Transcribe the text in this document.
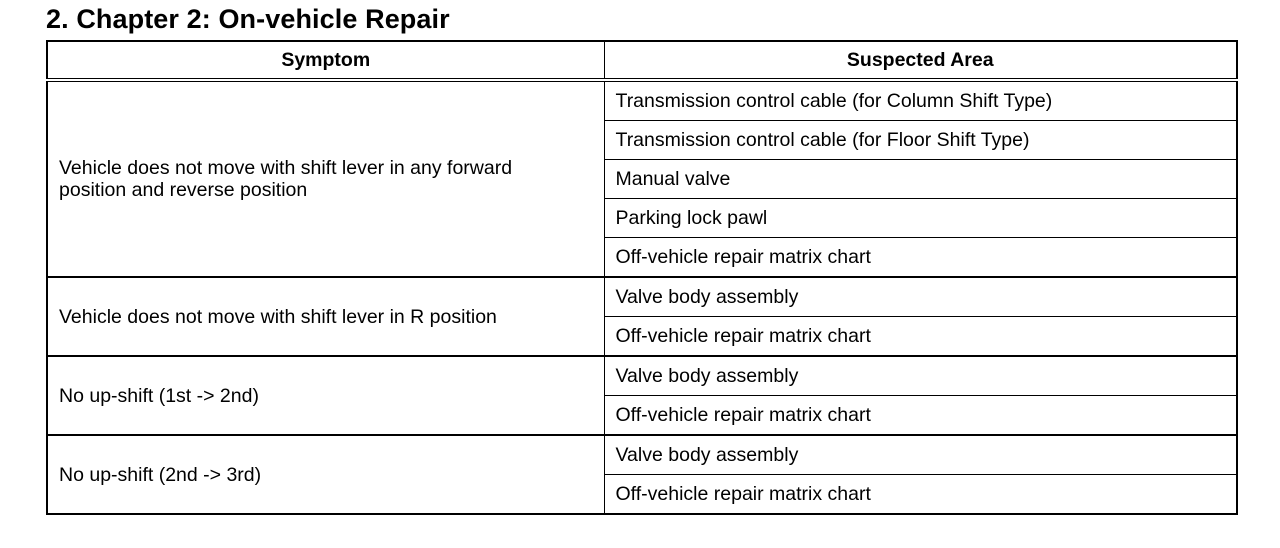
2. Chapter 2: On-vehicle Repair
Symptom	Suspected Area
Vehicle does not move with shift lever in any forward position and reverse position	Transmission control cable (for Column Shift Type)
	Transmission control cable (for Floor Shift Type)
	Manual valve
	Parking lock pawl
	Off-vehicle repair matrix chart
Vehicle does not move with shift lever in R position	Valve body assembly
	Off-vehicle repair matrix chart
No up-shift (1st -> 2nd)	Valve body assembly
	Off-vehicle repair matrix chart
No up-shift (2nd -> 3rd)	Valve body assembly
	Off-vehicle repair matrix chart
